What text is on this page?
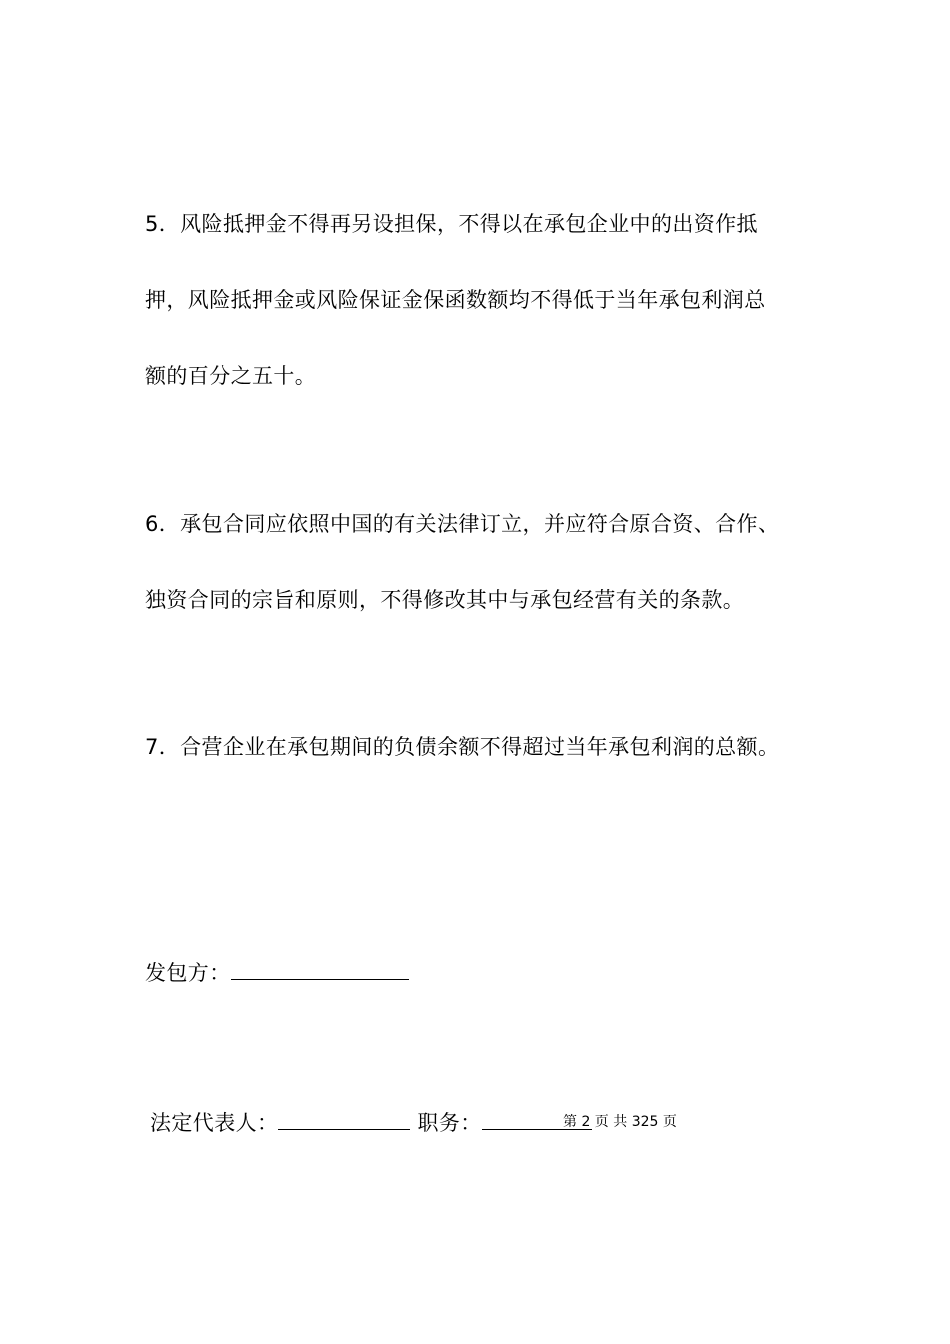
5．风险抵押金不得再另设担保，不得以在承包企业中的出资作抵
押，风险抵押金或风险保证金保函数额均不得低于当年承包利润总
额的百分之五十。
6．承包合同应依照中国的有关法律订立，并应符合原合资、合作、
独资合同的宗旨和原则，不得修改其中与承包经营有关的条款。
7．合营企业在承包期间的负债余额不得超过当年承包利润的总额。
发包方：
法定代表人：	职务：	第 2 页 共 325 页
